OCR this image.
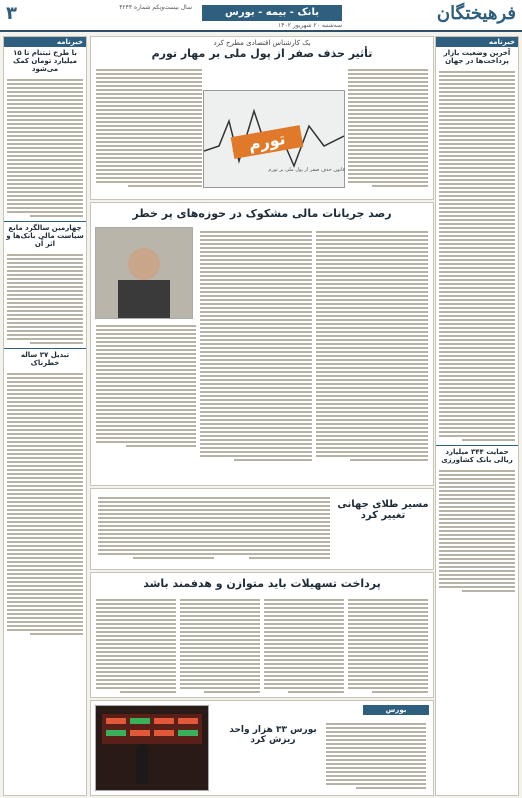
فرهیختگان
بانک - بیمه - بورس
۳	سال بیست‌ویکم شماره ۴۲۴۴
سه‌شنبه ۲۰ شهریور ۱۴۰۲
خبرنامه
آخرین وضعیت بازار پرداخت‌ها در جهان
حمایت ۳۴۴ میلیارد ریالی بانک کشاورزی
خبرنامه
با طرح ثبتنام تا ۱۵ میلیارد تومان کمک می‌شود
چهارمین سالگرد مانع سیاست مالی بانک‌ها و اثر آن
تبدیل ۳۷ ساله خطرناک
یک کارشناس اقتصادی مطرح کرد
تأثیر حذف صفر از پول ملی بر مهار تورم
تورم
قانون حذف صفر از پول ملی بر تورم
رصد جریانات مالی مشکوک در حوزه‌های پر خطر
مسیر طلای جهانی تغییر کرد
پرداخت تسهیلات باید متوازن و هدفمند باشد
بورس
بورس ۳۳ هزار واحد ریزش کرد
